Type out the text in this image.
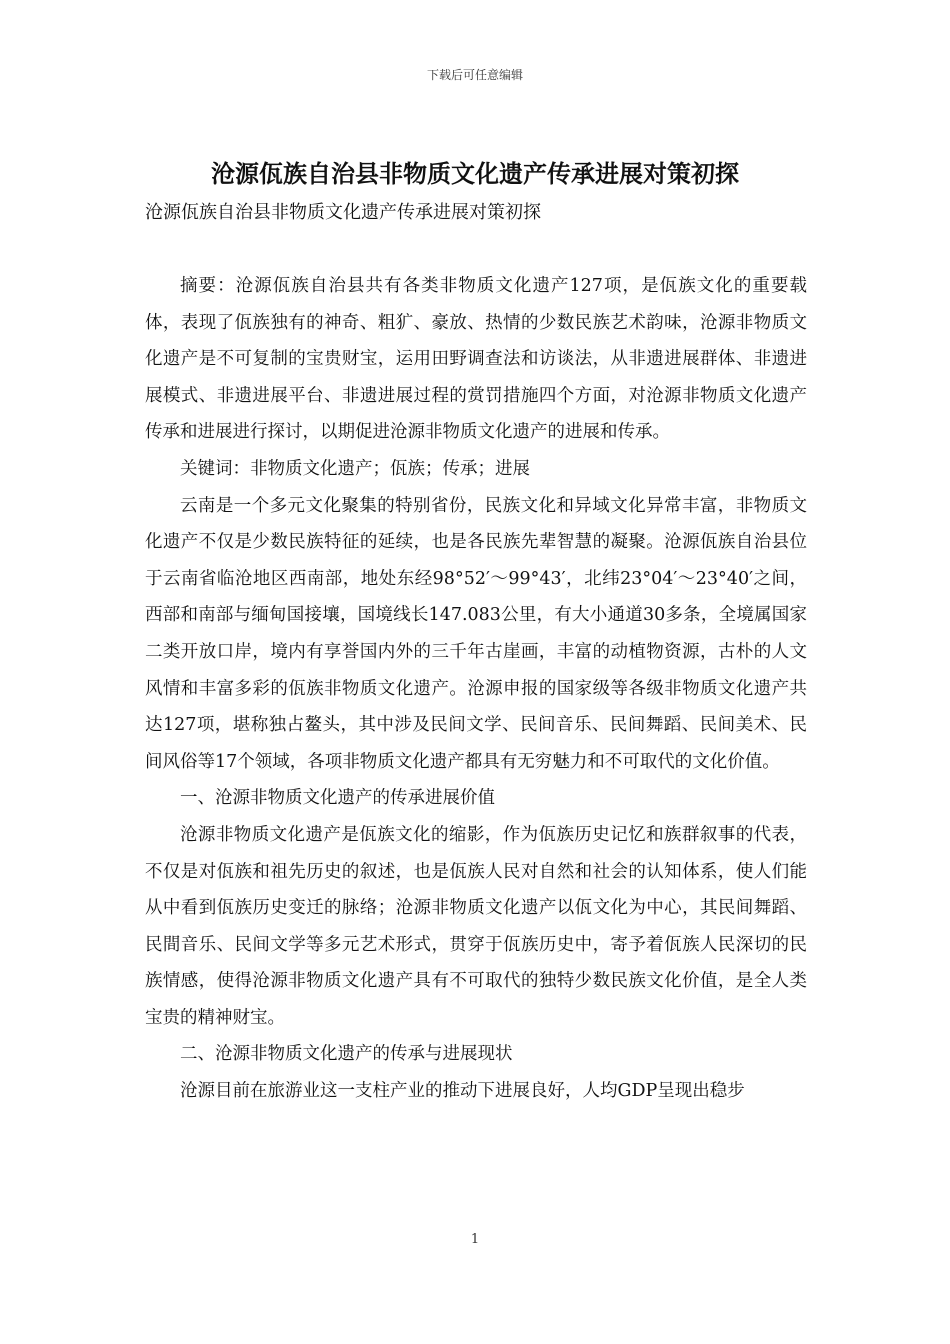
下载后可任意编辑
沧源佤族自治县非物质文化遗产传承进展对策初探
沧源佤族自治县非物质文化遗产传承进展对策初探

摘要：沧源佤族自治县共有各类非物质文化遗产127项，是佤族文化的重要载体，表现了佤族独有的神奇、粗犷、豪放、热情的少数民族艺术韵味，沧源非物质文化遗产是不可复制的宝贵财宝，运用田野调查法和访谈法，从非遗进展群体、非遗进展模式、非遗进展平台、非遗进展过程的赏罚措施四个方面，对沧源非物质文化遗产传承和进展进行探讨，以期促进沧源非物质文化遗产的进展和传承。

关键词：非物质文化遗产；佤族；传承；进展

云南是一个多元文化聚集的特别省份，民族文化和异域文化异常丰富，非物质文化遗产不仅是少数民族特征的延续，也是各民族先辈智慧的凝聚。沧源佤族自治县位于云南省临沧地区西南部，地处东经98°52′～99°43′，北纬23°04′～23°40′之间，西部和南部与缅甸国接壤，国境线长147.083公里，有大小通道30多条，全境属国家二类开放口岸，境内有享誉国内外的三千年古崖画，丰富的动植物资源，古朴的人文风情和丰富多彩的佤族非物质文化遗产。沧源申报的国家级等各级非物质文化遗产共达127项，堪称独占鳌头，其中涉及民间文学、民间音乐、民间舞蹈、民间美术、民间风俗等17个领域，各项非物质文化遗产都具有无穷魅力和不可取代的文化价值。

一、沧源非物质文化遗产的传承进展价值

沧源非物质文化遗产是佤族文化的缩影，作为佤族历史记忆和族群叙事的代表，不仅是对佤族和祖先历史的叙述，也是佤族人民对自然和社会的认知体系，使人们能从中看到佤族历史变迁的脉络；沧源非物质文化遗产以佤文化为中心，其民间舞蹈、民間音乐、民间文学等多元艺术形式，贯穿于佤族历史中，寄予着佤族人民深切的民族情感，使得沧源非物质文化遗产具有不可取代的独特少数民族文化价值，是全人类宝贵的精神财宝。

二、沧源非物质文化遗产的传承与进展现状

沧源目前在旅游业这一支柱产业的推动下进展良好，人均GDP呈现出稳步

1
